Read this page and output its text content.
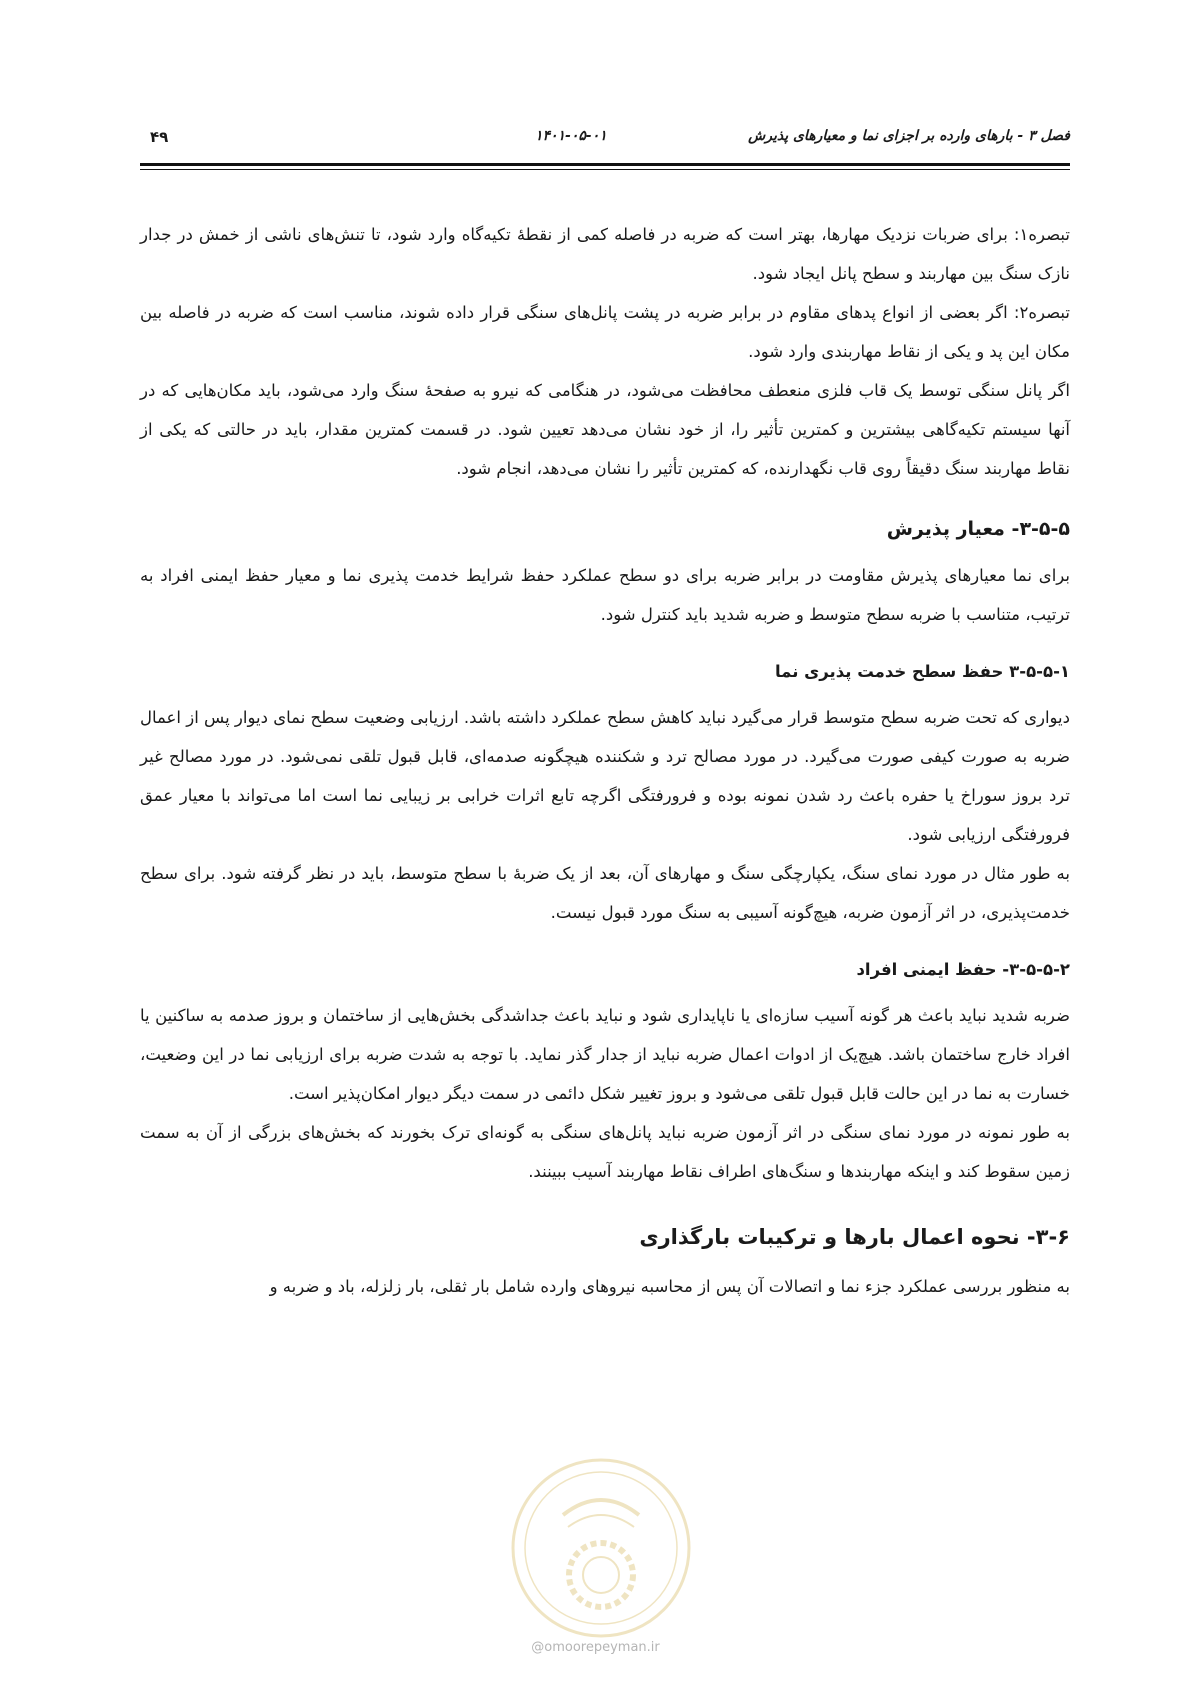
فصل ۳ - بارهای وارده بر اجزای نما و معیارهای پذیرش
۱۴۰۱-۰۵-۰۱
۴۹

تبصره۱: برای ضربات نزدیک مهارها، بهتر است که ضربه در فاصله کمی از نقطهٔ تکیه‌گاه وارد شود، تا تنش‌های ناشی از خمش در جدار نازک سنگ بین مهاربند و سطح پانل ایجاد شود.

تبصره۲: اگر بعضی از انواع پدهای مقاوم در برابر ضربه در پشت پانل‌های سنگی قرار داده شوند، مناسب است که ضربه در فاصله بین مکان این پد و یکی از نقاط مهاربندی وارد شود.

اگر پانل سنگی توسط یک قاب فلزی منعطف محافظت می‌شود، در هنگامی که نیرو به صفحهٔ سنگ وارد می‌شود، باید مکان‌هایی که در آنها سیستم تکیه‌گاهی بیشترین و کمترین تأثیر را، از خود نشان می‌دهد تعیین شود. در قسمت کمترین مقدار، باید در حالتی که یکی از نقاط مهاربند سنگ دقیقاً روی قاب نگهدارنده، که کمترین تأثیر را نشان می‌دهد، انجام شود.

۳-۵-۵- معیار پذیرش

برای نما معیارهای پذیرش مقاومت در برابر ضربه برای دو سطح عملکرد حفظ شرایط خدمت پذیری نما و معیار حفظ ایمنی افراد به ترتیب، متناسب با ضربه سطح متوسط و ضربه شدید باید کنترل شود.

۳-۵-۵-۱ حفظ سطح خدمت پذیری نما

دیواری که تحت ضربه سطح متوسط قرار می‌گیرد نباید کاهش سطح عملکرد داشته باشد. ارزیابی وضعیت سطح نمای دیوار پس از اعمال ضربه به صورت کیفی صورت می‌گیرد. در مورد مصالح ترد و شکننده هیچگونه صدمه‌ای، قابل قبول تلقی نمی‌شود. در مورد مصالح غیر ترد بروز سوراخ یا حفره باعث رد شدن نمونه بوده و فرورفتگی اگرچه تابع اثرات خرابی بر زیبایی نما است اما می‌تواند با معیار عمق فرورفتگی ارزیابی شود.

به طور مثال در مورد نمای سنگ، یکپارچگی سنگ و مهارهای آن، بعد از یک ضربهٔ با سطح متوسط، باید در نظر گرفته شود. برای سطح خدمت‌پذیری، در اثر آزمون ضربه، هیچ‌گونه آسیبی به سنگ مورد قبول نیست.

۳-۵-۵-۲- حفظ ایمنی افراد

ضربه شدید نباید باعث هر گونه آسیب سازه‌ای یا ناپایداری شود و نباید باعث جداشدگی بخش‌هایی از ساختمان و بروز صدمه به ساکنین یا افراد خارج ساختمان باشد. هیچ‌یک از ادوات اعمال ضربه نباید از جدار گذر نماید. با توجه به شدت ضربه برای ارزیابی نما در این وضعیت، خسارت به نما در این حالت قابل قبول تلقی می‌شود و بروز تغییر شکل دائمی در سمت دیگر دیوار امکان‌پذیر است.

به طور نمونه در مورد نمای سنگی در اثر آزمون ضربه نباید پانل‌های سنگی به گونه‌ای ترک بخورند که بخش‌های بزرگی از آن به سمت زمین سقوط کند و اینکه مهاربندها و سنگ‌های اطراف نقاط مهاربند آسیب ببینند.

۳-۶- نحوه اعمال بارها و ترکیبات بارگذاری

به منظور بررسی عملکرد جزء نما و اتصالات آن پس از محاسبه نیروهای وارده شامل بار ثقلی، بار زلزله، باد و ضربه و

@omoorepeyman.ir
